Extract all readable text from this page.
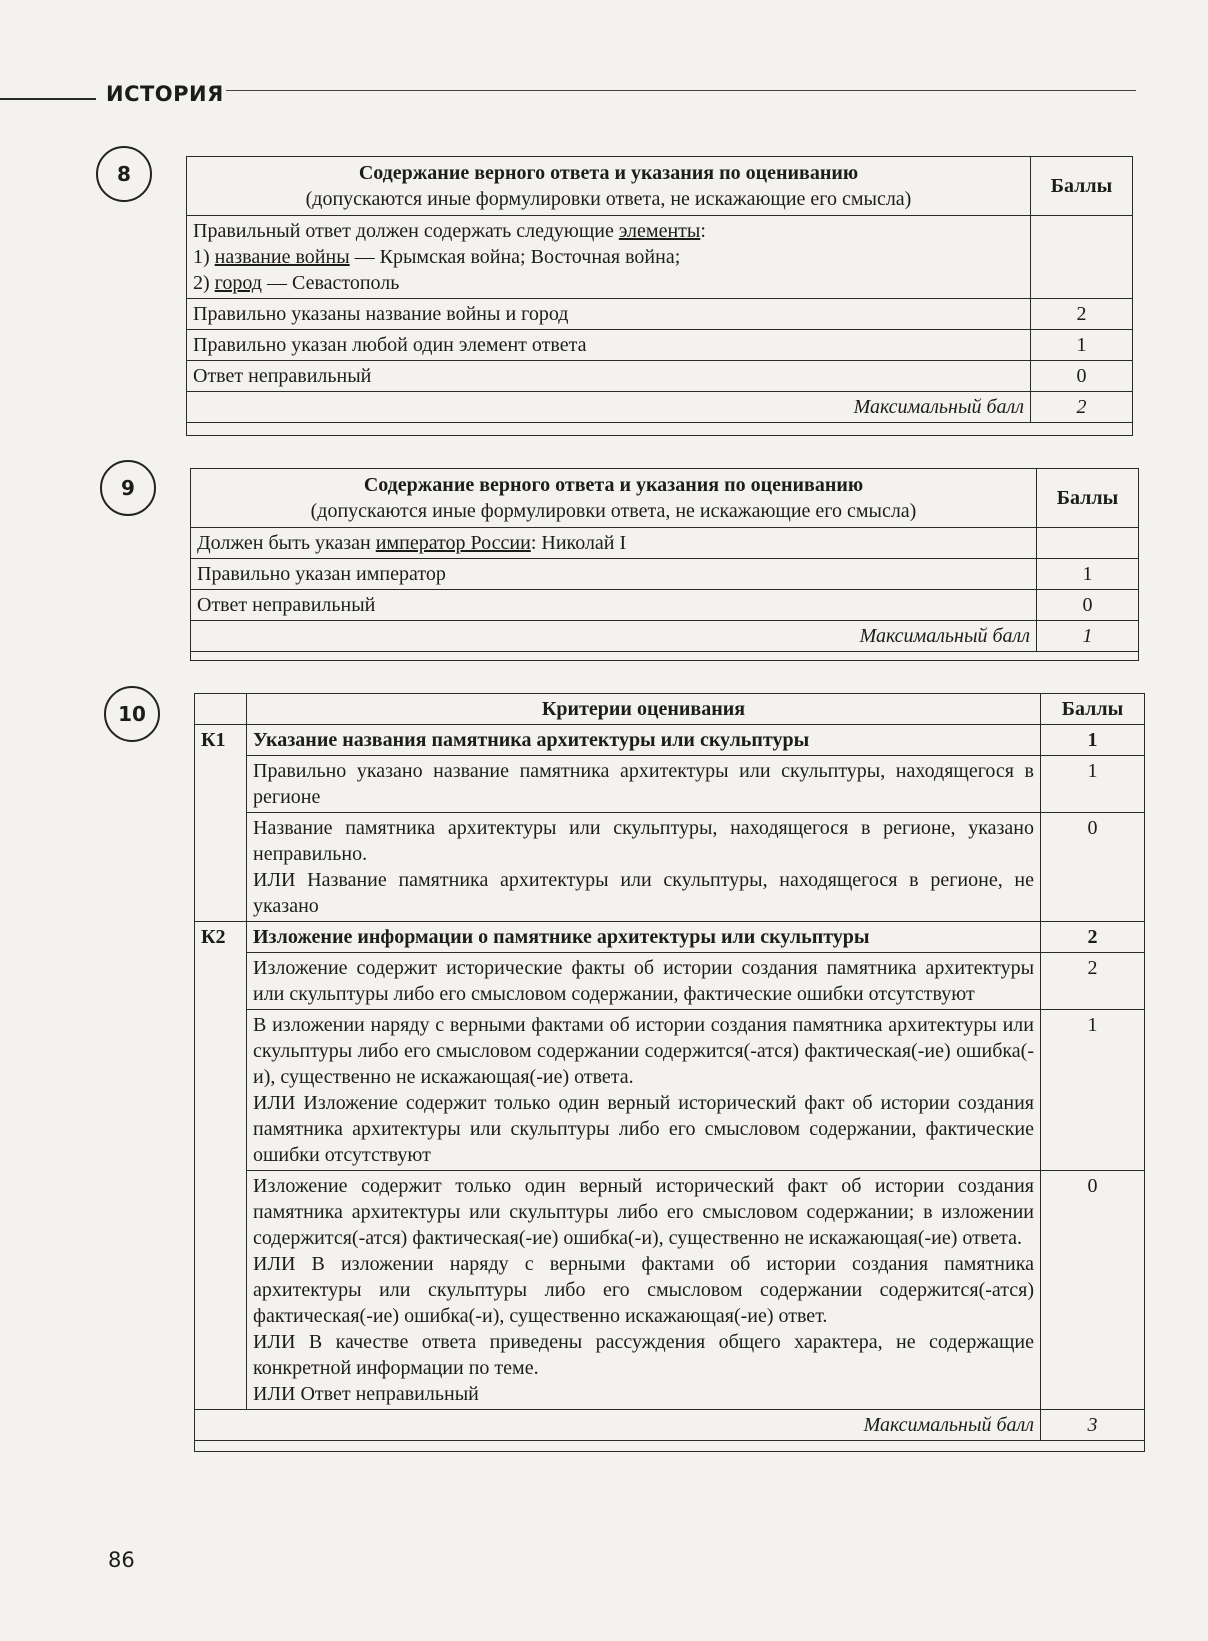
ИСТОРИЯ
8	Содержание верного ответа и указания по оцениванию
(допускаются иные формулировки ответа, не искажающие его смысла)	Баллы

Правильный ответ должен содержать следующие элементы:
1) название войны — Крымская война; Восточная война;
2) город — Севастополь	

Правильно указаны название войны и город	2
Правильно указан любой один элемент ответа	1
Ответ неправильный	0
Максимальный балл	2

9	Содержание верного ответа и указания по оцениванию
(допускаются иные формулировки ответа, не искажающие его смысла)	Баллы
Должен быть указан император России: Николай I	
Правильно указан император	1
Ответ неправильный	0
Максимальный балл	1

10
		Критерии оценивания	Баллы
К1	Указание названия памятника архитектуры или скульптуры	1
	Правильно указано название памятника архитектуры или скульптуры, находящегося в регионе	1

	Название памятника архитектуры или скульптуры, находящегося в регионе, указано неправильно.
ИЛИ Название памятника архитектуры или скульптуры, находящегося в регионе, не указано	0
К2	Изложение информации о памятнике архитектуры или скульптуры	2
	Изложение содержит исторические факты об истории создания памятника архитектуры или скульптуры либо его смысловом содержании, фактические ошибки отсутствуют	2

	В изложении наряду с верными фактами об истории создания памятника архитектуры или скульптуры либо его смысловом содержании содержится(-атся) фактическая(-ие) ошибка(-и), существенно не искажающая(-ие) ответа.
ИЛИ Изложение содержит только один верный исторический факт об истории создания памятника архитектуры или скульптуры либо его смысловом содержании, фактические ошибки отсутствуют	1

	Изложение содержит только один верный исторический факт об истории создания памятника архитектуры или скульптуры либо его смысловом содержании; в изложении содержится(-атся) фактическая(-ие) ошибка(-и), существенно не искажающая(-ие) ответа.
ИЛИ В изложении наряду с верными фактами об истории создания памятника архитектуры или скульптуры либо его смысловом содержании содержится(-атся) фактическая(-ие) ошибка(-и), существенно искажающая(-ие) ответ.
ИЛИ В качестве ответа приведены рассуждения общего характера, не содержащие конкретной информации по теме.
ИЛИ Ответ неправильный	0
Максимальный балл		3

86
